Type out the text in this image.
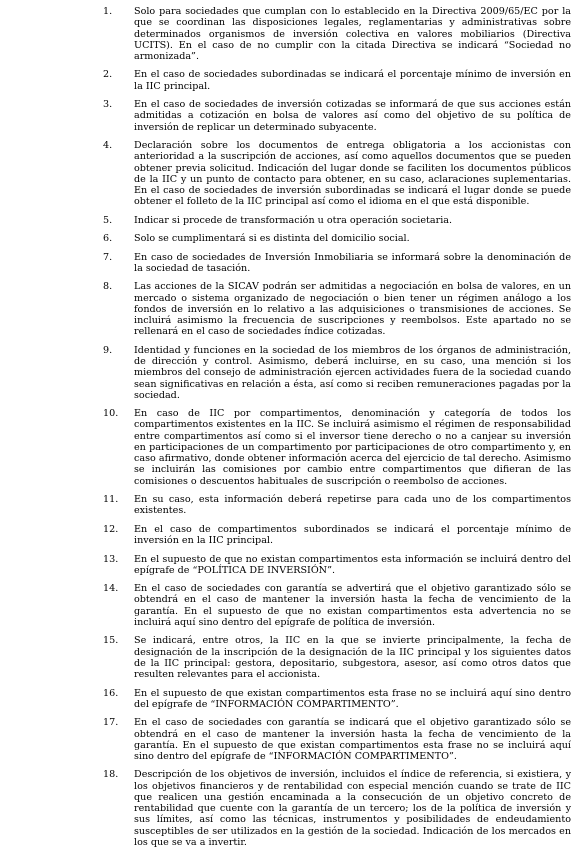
1.	Solo para sociedades que cumplan con lo establecido en la Directiva 2009/65/EC por la que se coordinan las disposiciones legales, reglamentarias y administrativas sobre determinados organismos de inversión colectiva en valores mobiliarios (Directiva UCITS). En el caso de no cumplir con la citada Directiva se indicará “Sociedad no armonizada”.
2.	En el caso de sociedades subordinadas se indicará el porcentaje mínimo de inversión en la IIC principal.
3.	En el caso de sociedades de inversión cotizadas se informará de que sus acciones están admitidas a cotización en bolsa de valores así como del objetivo de su política de inversión de replicar un determinado subyacente.
4.	Declaración sobre los documentos de entrega obligatoria a los accionistas con anterioridad a la suscripción de acciones, así como aquellos documentos que se pueden obtener previa solicitud. Indicación del lugar donde se faciliten los documentos públicos de la IIC y un punto de contacto para obtener, en su caso, aclaraciones suplementarias. En el caso de sociedades de inversión subordinadas se indicará el lugar donde se puede obtener el folleto de la IIC principal así como el idioma en el que está disponible.
5.	Indicar si procede de transformación u otra operación societaria.
6.	Solo se cumplimentará si es distinta del domicilio social.
7.	En caso de sociedades de Inversión Inmobiliaria se informará sobre la denominación de la sociedad de tasación.
8.	Las acciones de la SICAV podrán ser admitidas a negociación en bolsa de valores, en un mercado o sistema organizado de negociación o bien tener un régimen análogo a los fondos de inversión en lo relativo a las adquisiciones o transmisiones de acciones. Se incluirá asimismo la frecuencia de suscripciones y reembolsos. Este apartado no se rellenará en el caso de sociedades índice cotizadas.
9.	Identidad y funciones en la sociedad de los miembros de los órganos de administración, de dirección y control. Asimismo, deberá incluirse, en su caso, una mención si los miembros del consejo de administración ejercen actividades fuera de la sociedad cuando sean significativas en relación a ésta, así como si reciben remuneraciones pagadas por la sociedad.
10.	En caso de IIC por compartimentos, denominación y categoría de todos los compartimentos existentes en la IIC. Se incluirá asimismo el régimen de responsabilidad entre compartimentos así como si el inversor tiene derecho o no a canjear su inversión en participaciones de un compartimento por participaciones de otro compartimento y, en caso afirmativo, donde obtener información acerca del ejercicio de tal derecho. Asimismo se incluirán las comisiones por cambio entre compartimentos que difieran de las comisiones o descuentos habituales de suscripción o reembolso de acciones.
11.	En su caso, esta información deberá repetirse para cada uno de los compartimentos existentes.
12.	En el caso de compartimentos subordinados se indicará el porcentaje mínimo de inversión en la IIC principal.
13.	En el supuesto de que no existan compartimentos esta información se incluirá dentro del epígrafe de “POLÍTICA DE INVERSIÓN”.
14.	En el caso de sociedades con garantía se advertirá que el objetivo garantizado sólo se obtendrá en el caso de mantener la inversión hasta la fecha de vencimiento de la garantía. En el supuesto de que no existan compartimentos esta advertencia no se incluirá aquí sino dentro del epígrafe de política de inversión.
15.	Se indicará, entre otros, la IIC en la que se invierte principalmente, la fecha de designación de la inscripción de la designación de la IIC principal y los siguientes datos de la IIC principal: gestora, depositario, subgestora, asesor, así como otros datos que resulten relevantes para el accionista.
16.	En el supuesto de que existan compartimentos esta frase no se incluirá aquí sino dentro del epígrafe de “INFORMACIÓN COMPARTIMENTO”.
17.	En el caso de sociedades con garantía se indicará que el objetivo garantizado sólo se obtendrá en el caso de mantener la inversión hasta la fecha de vencimiento de la garantía. En el supuesto de que existan compartimentos esta frase no se incluirá aquí sino dentro del epígrafe de “INFORMACIÓN COMPARTIMENTO”.
18.	Descripción de los objetivos de inversión, incluidos el índice de referencia, si existiera, y los objetivos financieros y de rentabilidad con especial mención cuando se trate de IIC que realicen una gestión encaminada a la consecución de un objetivo concreto de rentabilidad que cuente con la garantía de un tercero; los de la política de inversión y sus límites, así como las técnicas, instrumentos y posibilidades de endeudamiento susceptibles de ser utilizados en la gestión de la sociedad. Indicación de los mercados en los que se va a invertir.
